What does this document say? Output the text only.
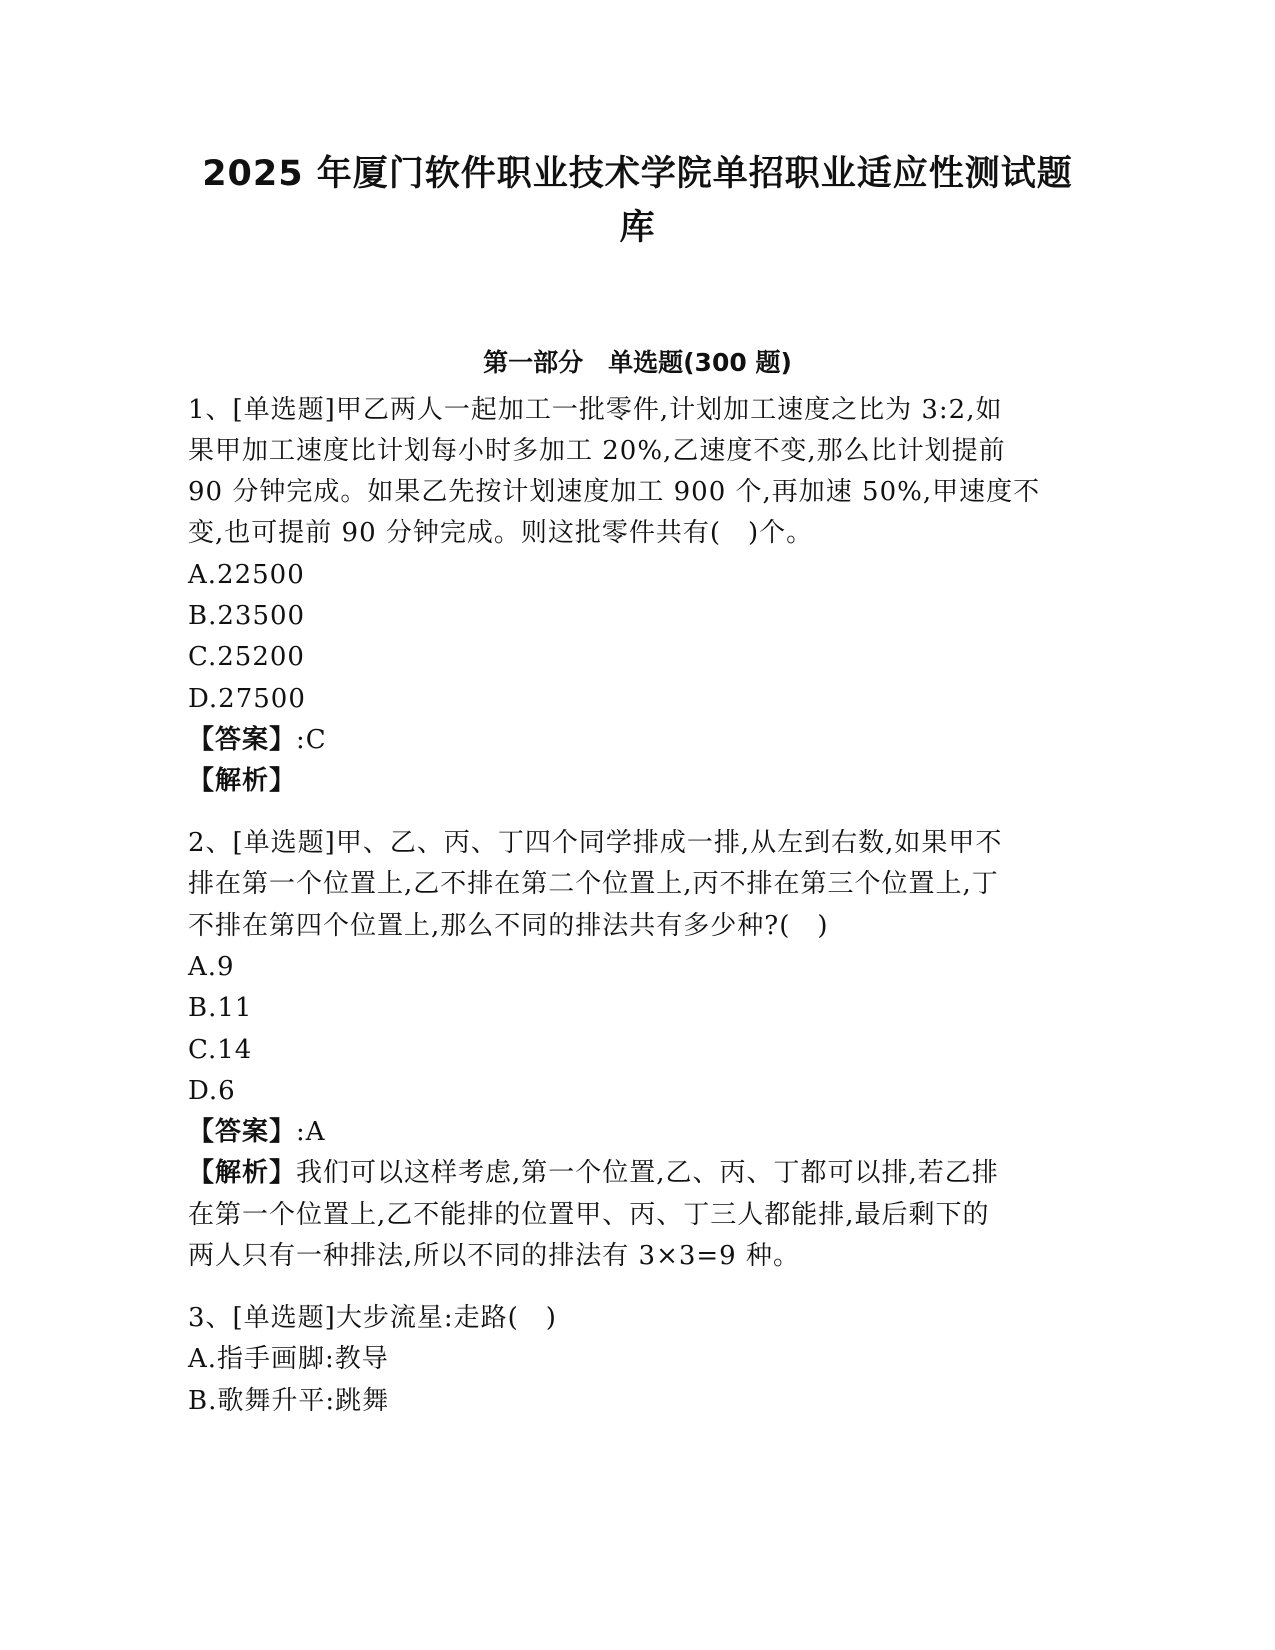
2025 年厦门软件职业技术学院单招职业适应性测试题
库
第一部分　单选题(300 题)
1、[单选题]甲乙两人一起加工一批零件,计划加工速度之比为 3:2,如
果甲加工速度比计划每小时多加工 20%,乙速度不变,那么比计划提前
90 分钟完成。如果乙先按计划速度加工 900 个,再加速 50%,甲速度不
变,也可提前 90 分钟完成。则这批零件共有(　)个。
A.22500
B.23500
C.25200
D.27500
【答案】:C
【解析】
2、[单选题]甲、乙、丙、丁四个同学排成一排,从左到右数,如果甲不
排在第一个位置上,乙不排在第二个位置上,丙不排在第三个位置上,丁
不排在第四个位置上,那么不同的排法共有多少种?(　)
A.9
B.11
C.14
D.6
【答案】:A
【解析】我们可以这样考虑,第一个位置,乙、丙、丁都可以排,若乙排
在第一个位置上,乙不能排的位置甲、丙、丁三人都能排,最后剩下的
两人只有一种排法,所以不同的排法有 3×3=9 种。
3、[单选题]大步流星:走路(　)
A.指手画脚:教导
B.歌舞升平:跳舞
